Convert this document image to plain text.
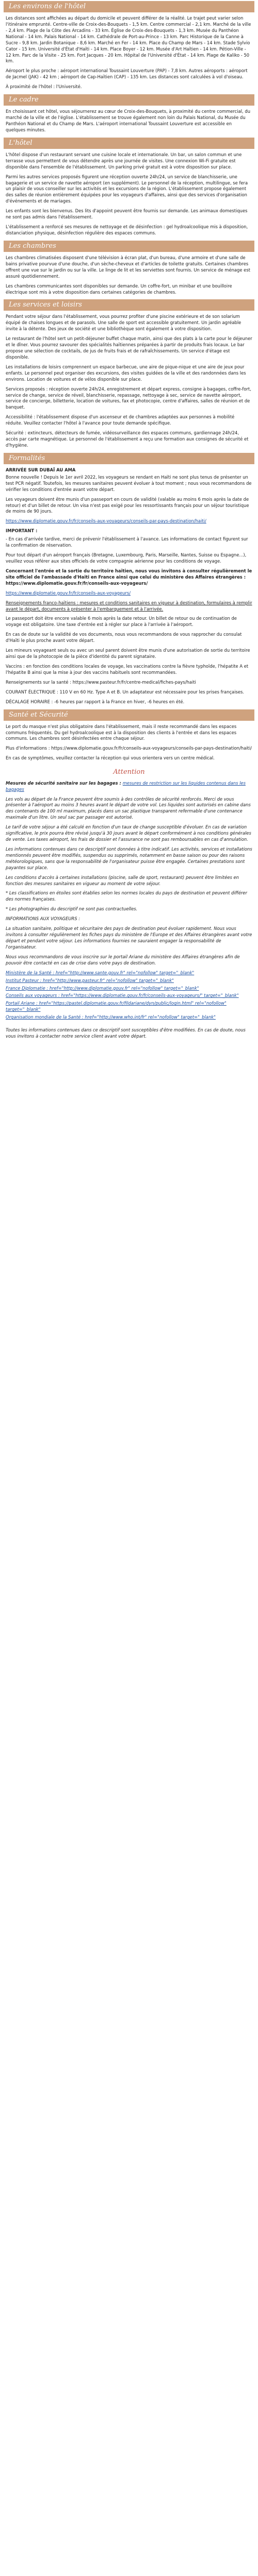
Les environs de l'hôtel

Les distances sont affichées au départ du domicile et peuvent différer de la réalité. Le trajet peut varier selon l'itinéraire emprunté. Centre-ville de Croix-des-Bouquets - 1,5 km. Centre commercial - 2,1 km. Marché de la ville - 2,4 km. Plage de la Côte des Arcadins - 33 km. Église de Croix-des-Bouquets - 1,3 km. Musée du Panthéon National - 14 km. Palais National - 14 km. Cathédrale de Port-au-Prince - 13 km. Parc Historique de la Canne à Sucre - 9,8 km. Jardin Botanique - 8,6 km. Marché en Fer - 14 km. Place du Champ de Mars - 14 km. Stade Sylvio Cator - 15 km. Université d'État d'Haïti - 14 km. Place Boyer - 12 km. Musée d'Art Haïtien - 14 km. Pétion-Ville - 12 km. Parc de la Visite - 25 km. Fort Jacques - 20 km. Hôpital de l'Université d'État - 14 km. Plage de Kaliko - 50 km.

Aéroport le plus proche : aéroport international Toussaint Louverture (PAP) - 7,8 km. Autres aéroports : aéroport de Jacmel (JAK) - 42 km ; aéroport de Cap-Haïtien (CAP) - 135 km. Les distances sont calculées à vol d'oiseau.

À proximité de l'hôtel : l'Université.

Le cadre

En choisissant cet hôtel, vous séjournerez au cœur de Croix-des-Bouquets, à proximité du centre commercial, du marché de la ville et de l'église. L'établissement se trouve également non loin du Palais National, du Musée du Panthéon National et du Champ de Mars. L'aéroport international Toussaint Louverture est accessible en quelques minutes.

L'hôtel

L'hôtel dispose d'un restaurant servant une cuisine locale et internationale. Un bar, un salon commun et une terrasse vous permettent de vous détendre après une journée de visites. Une connexion Wi-Fi gratuite est disponible dans l'ensemble de l'établissement. Un parking privé gratuit est à votre disposition sur place.

Parmi les autres services proposés figurent une réception ouverte 24h/24, un service de blanchisserie, une bagagerie et un service de navette aéroport (en supplément). Le personnel de la réception, multilingue, se fera un plaisir de vous conseiller sur les activités et les excursions de la région. L'établissement propose également des salles de réunion entièrement équipées pour les voyageurs d'affaires, ainsi que des services d'organisation d'événements et de mariages.

Les enfants sont les bienvenus. Des lits d'appoint peuvent être fournis sur demande. Les animaux domestiques ne sont pas admis dans l'établissement.

L'établissement a renforcé ses mesures de nettoyage et de désinfection : gel hydroalcoolique mis à disposition, distanciation physique, désinfection régulière des espaces communs.

Les chambres

Les chambres climatisées disposent d'une télévision à écran plat, d'un bureau, d'une armoire et d'une salle de bains privative pourvue d'une douche, d'un sèche-cheveux et d'articles de toilette gratuits. Certaines chambres offrent une vue sur le jardin ou sur la ville. Le linge de lit et les serviettes sont fournis. Un service de ménage est assuré quotidiennement.

Les chambres communicantes sont disponibles sur demande. Un coffre-fort, un minibar et une bouilloire électrique sont mis à votre disposition dans certaines catégories de chambres.

Les services et loisirs

Pendant votre séjour dans l'établissement, vous pourrez profiter d'une piscine extérieure et de son solarium équipé de chaises longues et de parasols. Une salle de sport est accessible gratuitement. Un jardin agréable invite à la détente. Des jeux de société et une bibliothèque sont également à votre disposition.

Le restaurant de l'hôtel sert un petit-déjeuner buffet chaque matin, ainsi que des plats à la carte pour le déjeuner et le dîner. Vous pourrez savourer des spécialités haïtiennes préparées à partir de produits frais locaux. Le bar propose une sélection de cocktails, de jus de fruits frais et de rafraîchissements. Un service d'étage est disponible.

Les installations de loisirs comprennent un espace barbecue, une aire de pique-nique et une aire de jeux pour enfants. Le personnel peut organiser des excursions, des visites guidées de la ville et des randonnées dans les environs. Location de voitures et de vélos disponible sur place.

Services proposés : réception ouverte 24h/24, enregistrement et départ express, consigne à bagages, coffre-fort, service de change, service de réveil, blanchisserie, repassage, nettoyage à sec, service de navette aéroport, service de concierge, billetterie, location de voitures, fax et photocopie, centre d'affaires, salles de réunion et de banquet.

Accessibilité : l'établissement dispose d'un ascenseur et de chambres adaptées aux personnes à mobilité réduite. Veuillez contacter l'hôtel à l'avance pour toute demande spécifique.

Sécurité : extincteurs, détecteurs de fumée, vidéosurveillance des espaces communs, gardiennage 24h/24, accès par carte magnétique. Le personnel de l'établissement a reçu une formation aux consignes de sécurité et d'hygiène.

Formalités
ARRIVÉE SUR DUBAÏ AU AMA

Bonne nouvelle ! Depuis le 1er avril 2022, les voyageurs se rendant en Haïti ne sont plus tenus de présenter un test PCR négatif. Toutefois, les mesures sanitaires peuvent évoluer à tout moment ; nous vous recommandons de vérifier les conditions d'entrée avant votre départ.

Les voyageurs doivent être munis d'un passeport en cours de validité (valable au moins 6 mois après la date de retour) et d'un billet de retour. Un visa n'est pas exigé pour les ressortissants français pour un séjour touristique de moins de 90 jours.

https://www.diplomatie.gouv.fr/fr/conseils-aux-voyageurs/conseils-par-pays-destination/haiti/

IMPORTANT :

- En cas d'arrivée tardive, merci de prévenir l'établissement à l'avance. Les informations de contact figurent sur la confirmation de réservation.

Pour tout départ d'un aéroport français (Bretagne, Luxembourg, Paris, Marseille, Nantes, Suisse ou Espagne...), veuillez vous référer aux sites officiels de votre compagnie aérienne pour les conditions de voyage.

Concernant l'entrée et la sortie du territoire haïtien, nous vous invitons à consulter régulièrement le site officiel de l'ambassade d'Haïti en France ainsi que celui du ministère des Affaires étrangères : https://www.diplomatie.gouv.fr/fr/conseils-aux-voyageurs/

https://www.diplomatie.gouv.fr/fr/conseils-aux-voyageurs/

Renseignements franco-haïtiens : mesures et conditions sanitaires en vigueur à destination, formulaires à remplir avant le départ, documents à présenter à l'embarquement et à l'arrivée.

Le passeport doit être encore valable 6 mois après la date retour. Un billet de retour ou de continuation de voyage est obligatoire. Une taxe d'entrée est à régler sur place à l'arrivée à l'aéroport.

En cas de doute sur la validité de vos documents, nous vous recommandons de vous rapprocher du consulat d'Haïti le plus proche avant votre départ.

Les mineurs voyageant seuls ou avec un seul parent doivent être munis d'une autorisation de sortie du territoire ainsi que de la photocopie de la pièce d'identité du parent signataire.

Vaccins : en fonction des conditions locales de voyage, les vaccinations contre la fièvre typhoïde, l'hépatite A et l'hépatite B ainsi que la mise à jour des vaccins habituels sont recommandées.

Renseignements sur la santé : https://www.pasteur.fr/fr/centre-medical/fiches-pays/haiti

COURANT ÉLECTRIQUE : 110 V en 60 Hz. Type A et B. Un adaptateur est nécessaire pour les prises françaises.

DÉCALAGE HORAIRE : -6 heures par rapport à la France en hiver, -6 heures en été.

Santé et Sécurité

Le port du masque n'est plus obligatoire dans l'établissement, mais il reste recommandé dans les espaces communs fréquentés. Du gel hydroalcoolique est à la disposition des clients à l'entrée et dans les espaces communs. Les chambres sont désinfectées entre chaque séjour.

Plus d'informations : https://www.diplomatie.gouv.fr/fr/conseils-aux-voyageurs/conseils-par-pays-destination/haiti/

En cas de symptômes, veuillez contacter la réception qui vous orientera vers un centre médical.

Attention

Mesures de sécurité sanitaire sur les bagages : mesures de restriction sur les liquides contenus dans les bagages

Les vols au départ de la France peuvent être soumis à des contrôles de sécurité renforcés. Merci de vous présenter à l'aéroport au moins 3 heures avant le départ de votre vol. Les liquides sont autorisés en cabine dans des contenants de 100 ml maximum, placés dans un sac plastique transparent refermable d'une contenance maximale d'un litre. Un seul sac par passager est autorisé.

Le tarif de votre séjour a été calculé en fonction d'un taux de change susceptible d'évoluer. En cas de variation significative, le prix pourra être révisé jusqu'à 30 jours avant le départ conformément à nos conditions générales de vente. Les taxes aéroport, les frais de dossier et l'assurance ne sont pas remboursables en cas d'annulation.

Les informations contenues dans ce descriptif sont données à titre indicatif. Les activités, services et installations mentionnés peuvent être modifiés, suspendus ou supprimés, notamment en basse saison ou pour des raisons météorologiques, sans que la responsabilité de l'organisateur puisse être engagée. Certaines prestations sont payantes sur place.

Les conditions d'accès à certaines installations (piscine, salle de sport, restaurant) peuvent être limitées en fonction des mesures sanitaires en vigueur au moment de votre séjour.

* Les classifications en étoiles sont établies selon les normes locales du pays de destination et peuvent différer des normes françaises.

* Les photographies du descriptif ne sont pas contractuelles.

INFORMATIONS AUX VOYAGEURS :

La situation sanitaire, politique et sécuritaire des pays de destination peut évoluer rapidement. Nous vous invitons à consulter régulièrement les fiches pays du ministère de l'Europe et des Affaires étrangères avant votre départ et pendant votre séjour. Les informations fournies ne sauraient engager la responsabilité de l'organisateur.

Nous vous recommandons de vous inscrire sur le portail Ariane du ministère des Affaires étrangères afin de pouvoir être contacté en cas de crise dans votre pays de destination.

Ministère de la Santé : href="http://www.sante.gouv.fr" rel="nofollow" target="_blank"

Institut Pasteur : href="http://www.pasteur.fr" rel="nofollow" target="_blank"

France Diplomatie : href="http://www.diplomatie.gouv.fr" rel="nofollow" target="_blank"

Conseils aux voyageurs : href="https://www.diplomatie.gouv.fr/fr/conseils-aux-voyageurs/" target="_blank"

Portail Ariane : href="https://pastel.diplomatie.gouv.fr/fildariane/dyn/public/login.html" rel="nofollow" target="_blank"

Organisation mondiale de la Santé : href="http://www.who.int/fr" rel="nofollow" target="_blank"

Toutes les informations contenues dans ce descriptif sont susceptibles d'être modifiées. En cas de doute, nous vous invitons à contacter notre service client avant votre départ.
